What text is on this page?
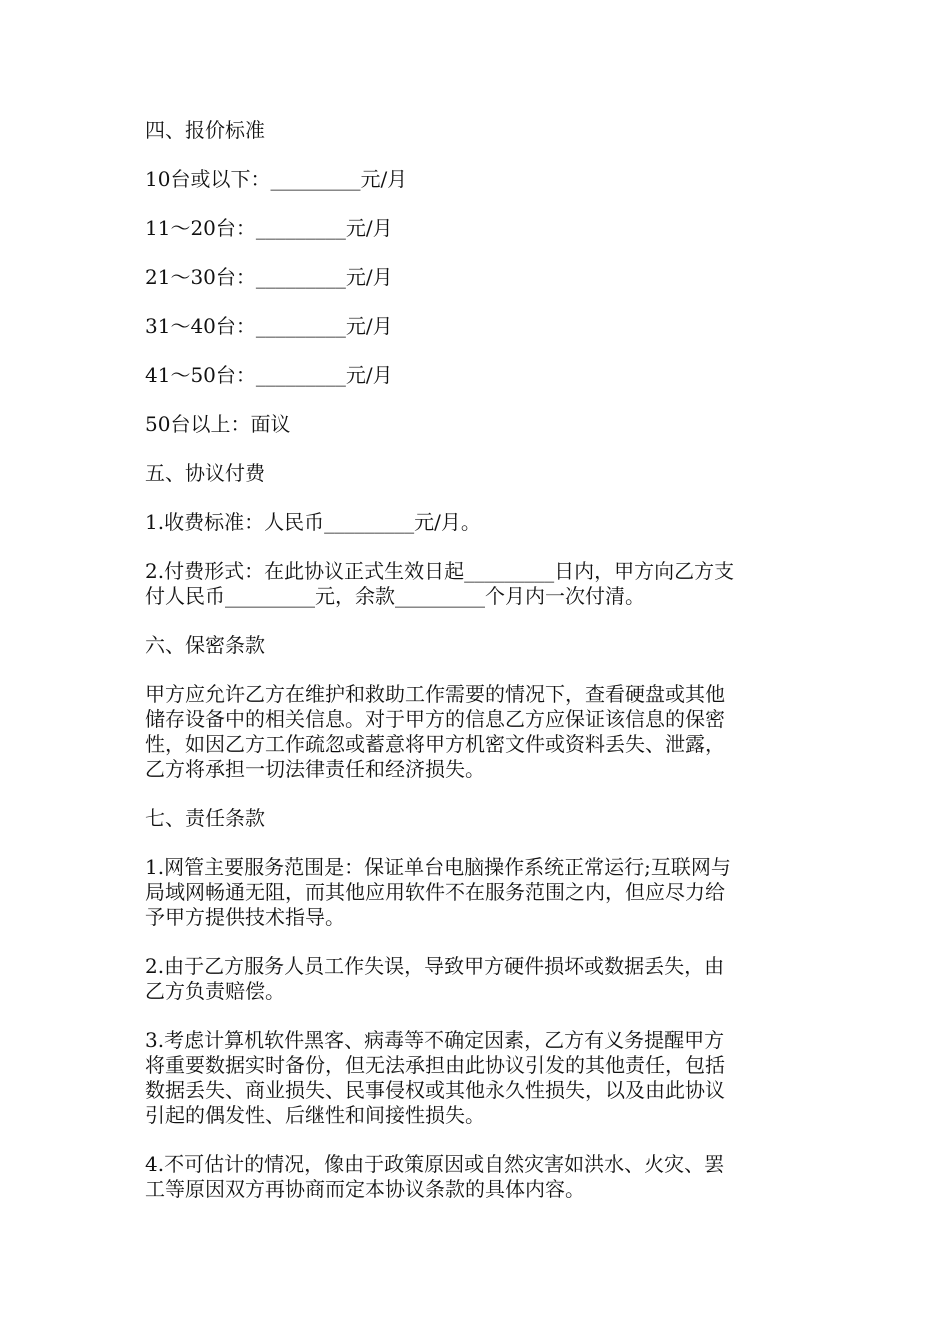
四、报价标准
10台或以下：_________元/月
11～20台：_________元/月
21～30台：_________元/月
31～40台：_________元/月
41～50台：_________元/月
50台以上：面议
五、协议付费
1.收费标准：人民币_________元/月。
2.付费形式：在此协议正式生效日起_________日内，甲方向乙方支
付人民币_________元，余款_________个月内一次付清。
六、保密条款
甲方应允许乙方在维护和救助工作需要的情况下，查看硬盘或其他
储存设备中的相关信息。对于甲方的信息乙方应保证该信息的保密
性，如因乙方工作疏忽或蓄意将甲方机密文件或资料丢失、泄露，
乙方将承担一切法律责任和经济损失。
七、责任条款
1.网管主要服务范围是：保证单台电脑操作系统正常运行;互联网与
局域网畅通无阻，而其他应用软件不在服务范围之内，但应尽力给
予甲方提供技术指导。
2.由于乙方服务人员工作失误，导致甲方硬件损坏或数据丢失，由
乙方负责赔偿。
3.考虑计算机软件黑客、病毒等不确定因素，乙方有义务提醒甲方
将重要数据实时备份，但无法承担由此协议引发的其他责任，包括
数据丢失、商业损失、民事侵权或其他永久性损失，以及由此协议
引起的偶发性、后继性和间接性损失。
4.不可估计的情况，像由于政策原因或自然灾害如洪水、火灾、罢
工等原因双方再协商而定本协议条款的具体内容。
